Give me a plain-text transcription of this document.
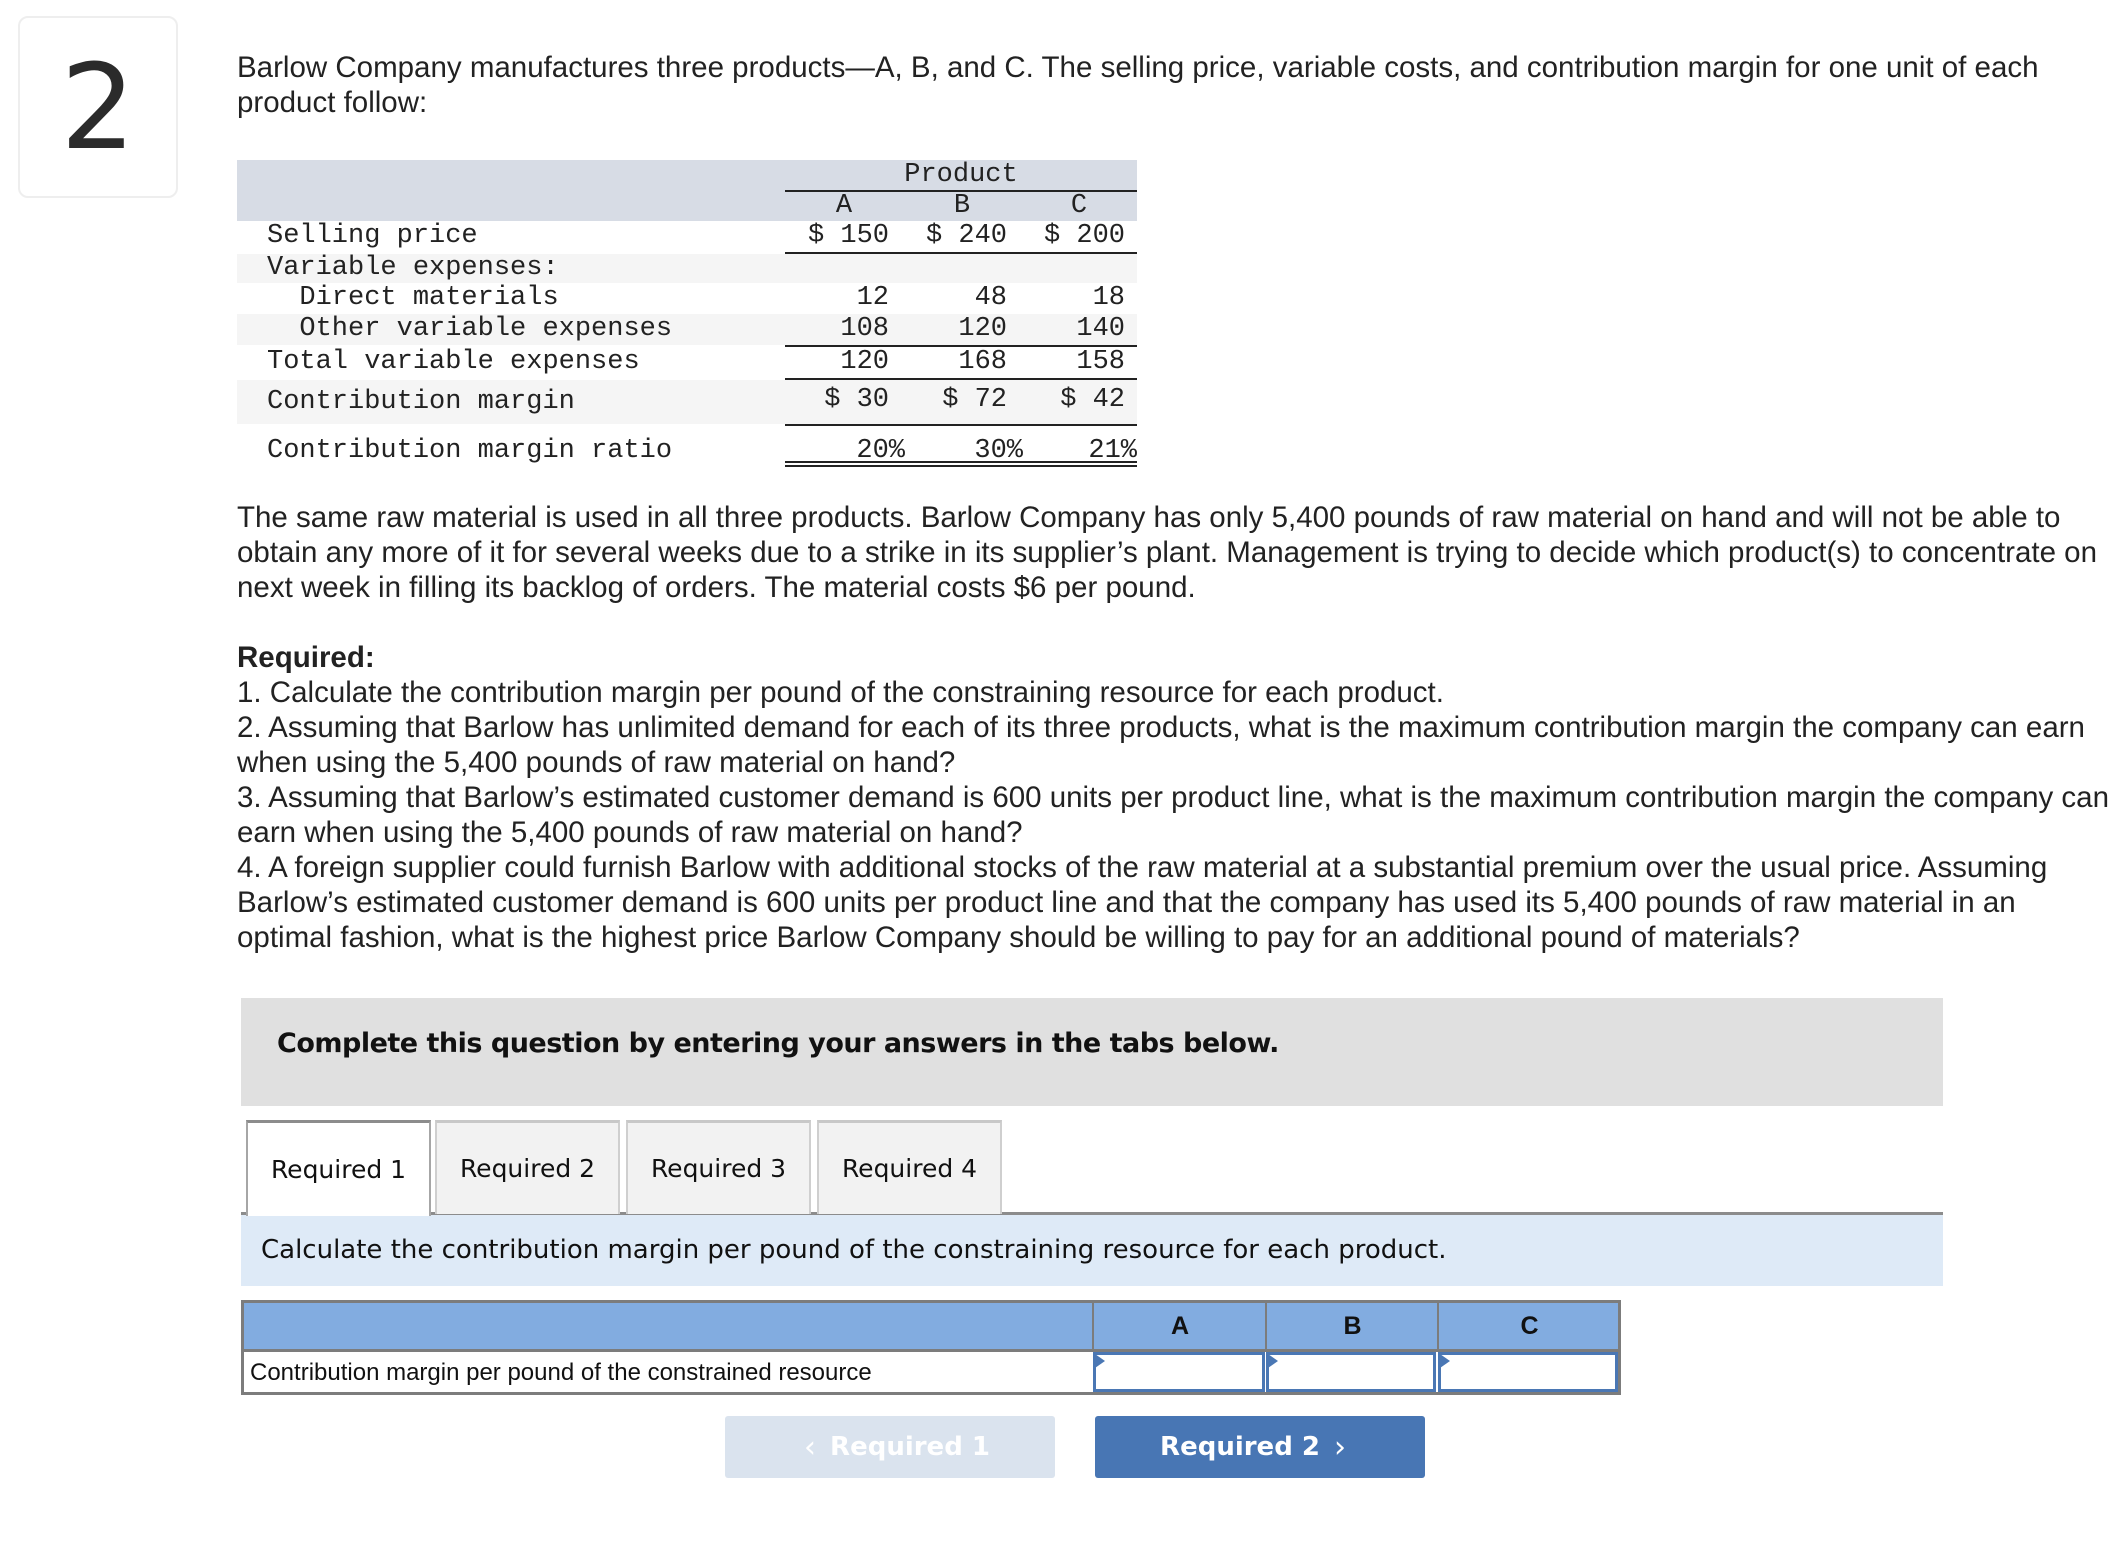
2	Barlow Company manufactures three products—A, B, and C. The selling price, variable costs, and contribution margin for one unit of each product follow:
Product
A	B	C
Selling price	$ 150	$ 240	$ 200
Variable expenses:
Direct materials	12	48	18
Other variable expenses	108	120	140
Total variable expenses	120	168	158
Contribution margin	$ 30	$ 72	$ 42
Contribution margin ratio	20%	30%	21%
The same raw material is used in all three products. Barlow Company has only 5,400 pounds of raw material on hand and will not be able to obtain any more of it for several weeks due to a strike in its supplier’s plant. Management is trying to decide which product(s) to concentrate on next week in filling its backlog of orders. The material costs $6 per pound.
Required:
1. Calculate the contribution margin per pound of the constraining resource for each product.
2. Assuming that Barlow has unlimited demand for each of its three products, what is the maximum contribution margin the company can earn when using the 5,400 pounds of raw material on hand?
3. Assuming that Barlow’s estimated customer demand is 600 units per product line, what is the maximum contribution margin the company can earn when using the 5,400 pounds of raw material on hand?
4. A foreign supplier could furnish Barlow with additional stocks of the raw material at a substantial premium over the usual price. Assuming Barlow’s estimated customer demand is 600 units per product line and that the company has used its 5,400 pounds of raw material in an optimal fashion, what is the highest price Barlow Company should be willing to pay for an additional pound of materials?
Complete this question by entering your answers in the tabs below.
Required 1	Required 2	Required 3	Required 4
Calculate the contribution margin per pound of the constraining resource for each product.
A	B	C
Contribution margin per pound of the constrained resource
‹ Required 1	Required 2 ›
